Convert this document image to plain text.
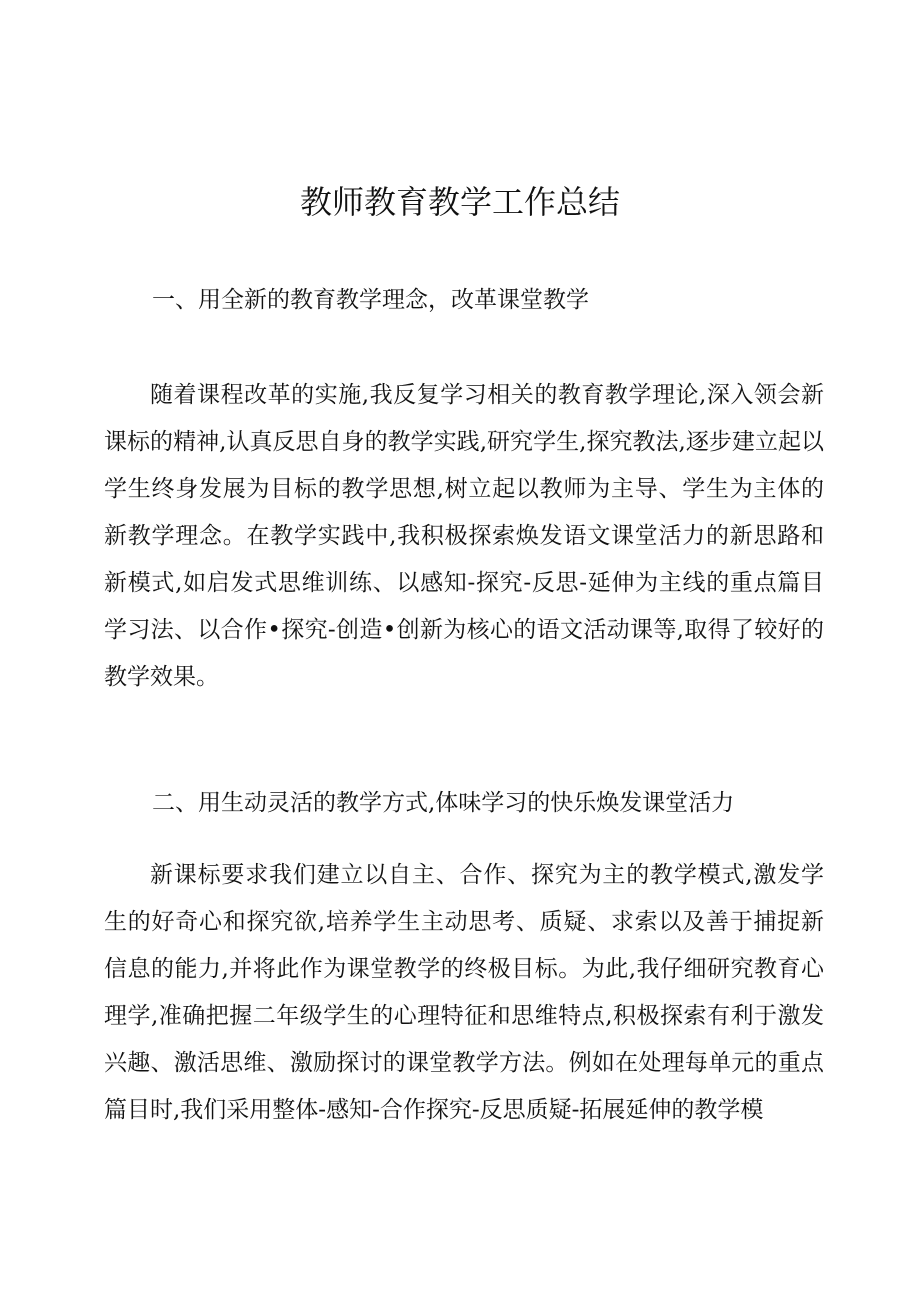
教师教育教学工作总结

一、用全新的教育教学理念，改革课堂教学

随着课程改革的实施,我反复学习相关的教育教学理论,深入领会新课标的精神,认真反思自身的教学实践,研究学生,探究教法,逐步建立起以学生终身发展为目标的教学思想,树立起以教师为主导、学生为主体的新教学理念。在教学实践中,我积极探索焕发语文课堂活力的新思路和新模式,如启发式思维训练、以感知-探究-反思-延伸为主线的重点篇目学习法、以合作•探究-创造•创新为核心的语文活动课等,取得了较好的教学效果。

二、用生动灵活的教学方式,体味学习的快乐焕发课堂活力

新课标要求我们建立以自主、合作、探究为主的教学模式,激发学生的好奇心和探究欲,培养学生主动思考、质疑、求索以及善于捕捉新信息的能力,并将此作为课堂教学的终极目标。为此,我仔细研究教育心理学,准确把握二年级学生的心理特征和思维特点,积极探索有利于激发兴趣、激活思维、激励探讨的课堂教学方法。例如在处理每单元的重点篇目时,我们采用整体-感知-合作探究-反思质疑-拓展延伸的教学模
